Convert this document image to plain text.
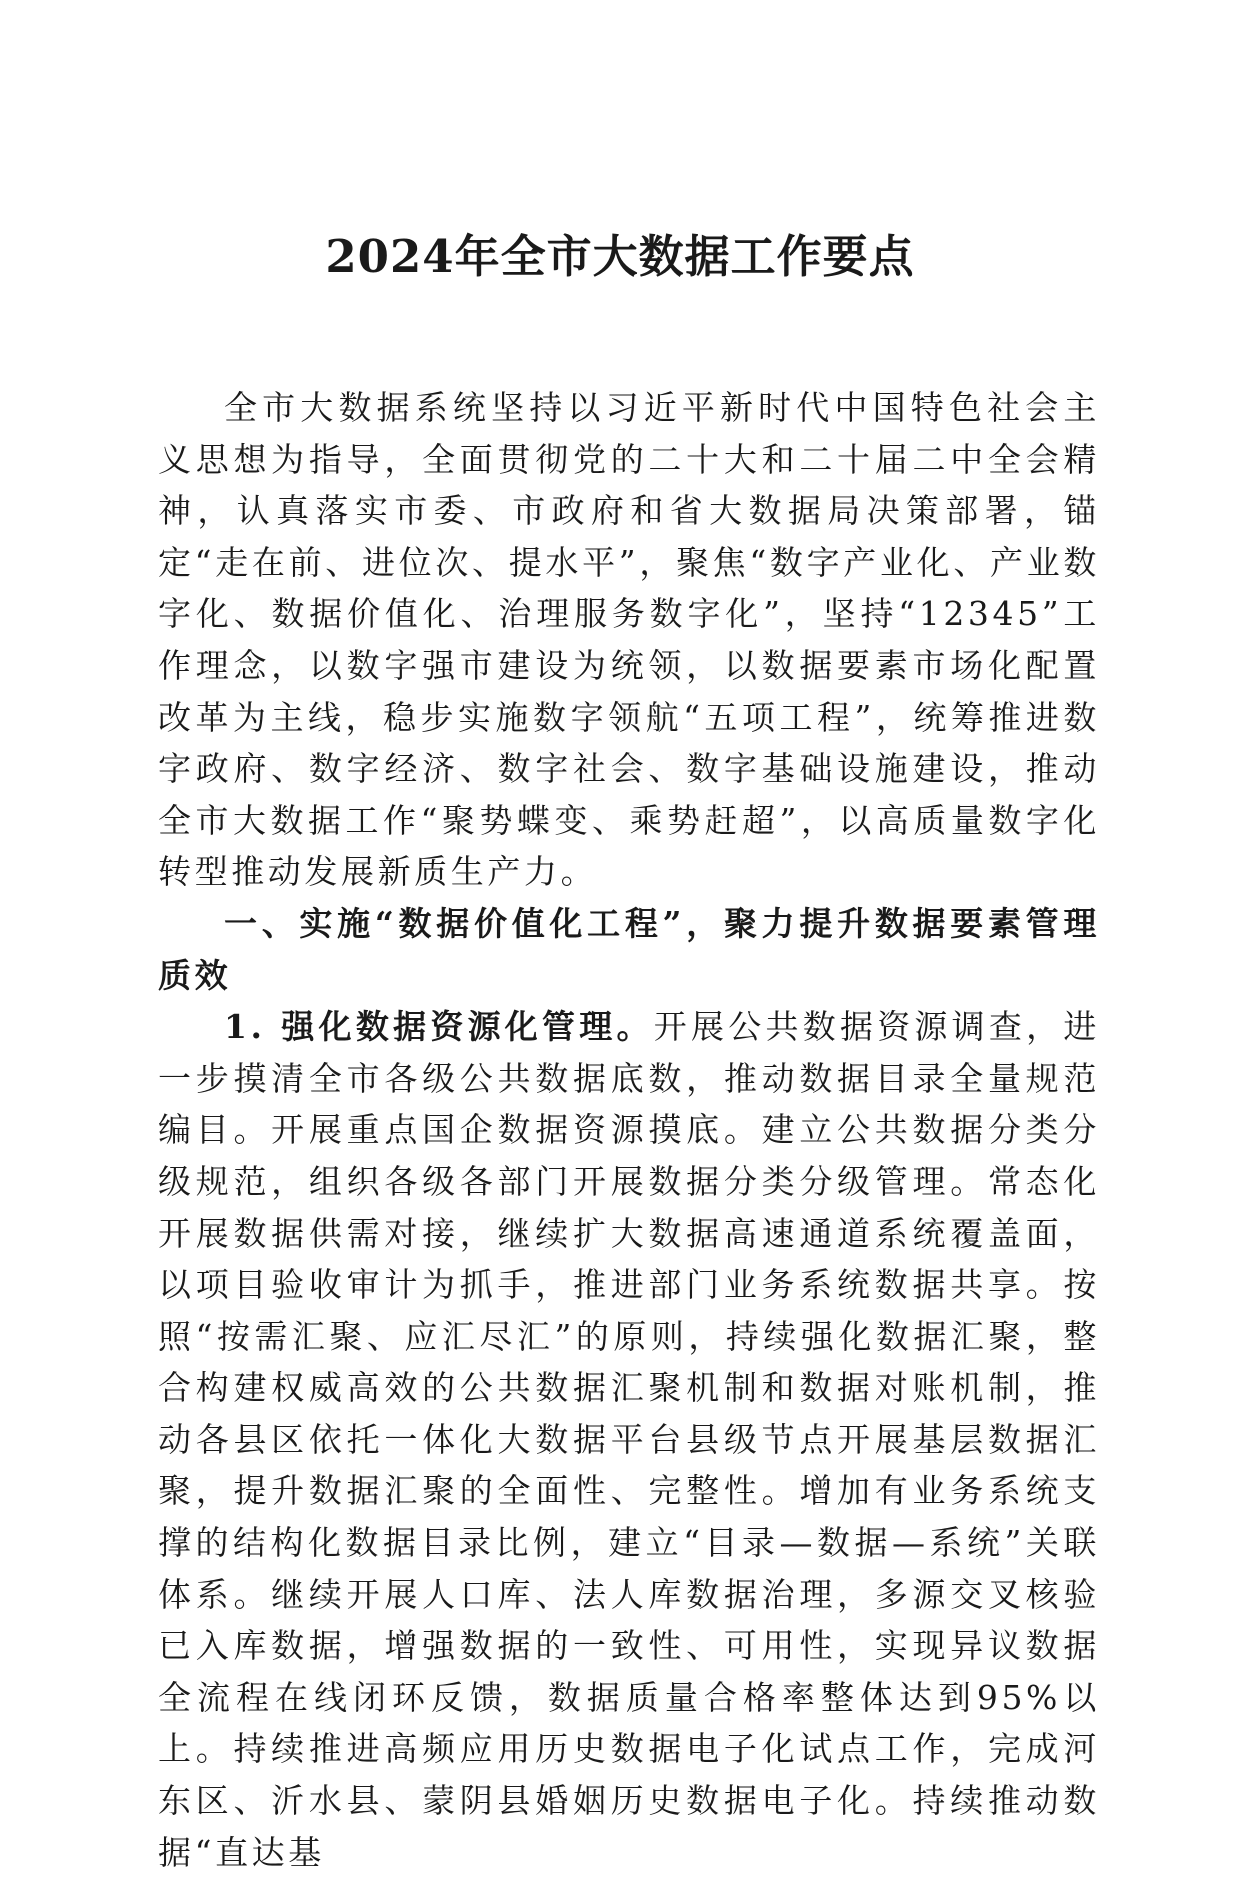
2024年全市大数据工作要点

全市大数据系统坚持以习近平新时代中国特色社会主义思想为指导，全面贯彻党的二十大和二十届二中全会精神，认真落实市委、市政府和省大数据局决策部署，锚定“走在前、进位次、提水平”，聚焦“数字产业化、产业数字化、数据价值化、治理服务数字化”，坚持“12345”工作理念，以数字强市建设为统领，以数据要素市场化配置改革为主线，稳步实施数字领航“五项工程”，统筹推进数字政府、数字经济、数字社会、数字基础设施建设，推动全市大数据工作“聚势蝶变、乘势赶超”，以高质量数字化转型推动发展新质生产力。

一、实施“数据价值化工程”，聚力提升数据要素管理质效

1. 强化数据资源化管理。开展公共数据资源调查，进一步摸清全市各级公共数据底数，推动数据目录全量规范编目。开展重点国企数据资源摸底。建立公共数据分类分级规范，组织各级各部门开展数据分类分级管理。常态化开展数据供需对接，继续扩大数据高速通道系统覆盖面，以项目验收审计为抓手，推进部门业务系统数据共享。按照“按需汇聚、应汇尽汇”的原则，持续强化数据汇聚，整合构建权威高效的公共数据汇聚机制和数据对账机制，推动各县区依托一体化大数据平台县级节点开展基层数据汇聚，提升数据汇聚的全面性、完整性。增加有业务系统支撑的结构化数据目录比例，建立“目录—数据—系统”关联体系。继续开展人口库、法人库数据治理，多源交叉核验已入库数据，增强数据的一致性、可用性，实现异议数据全流程在线闭环反馈，数据质量合格率整体达到95%以上。持续推进高频应用历史数据电子化试点工作，完成河东区、沂水县、蒙阴县婚姻历史数据电子化。持续推动数据“直达基
